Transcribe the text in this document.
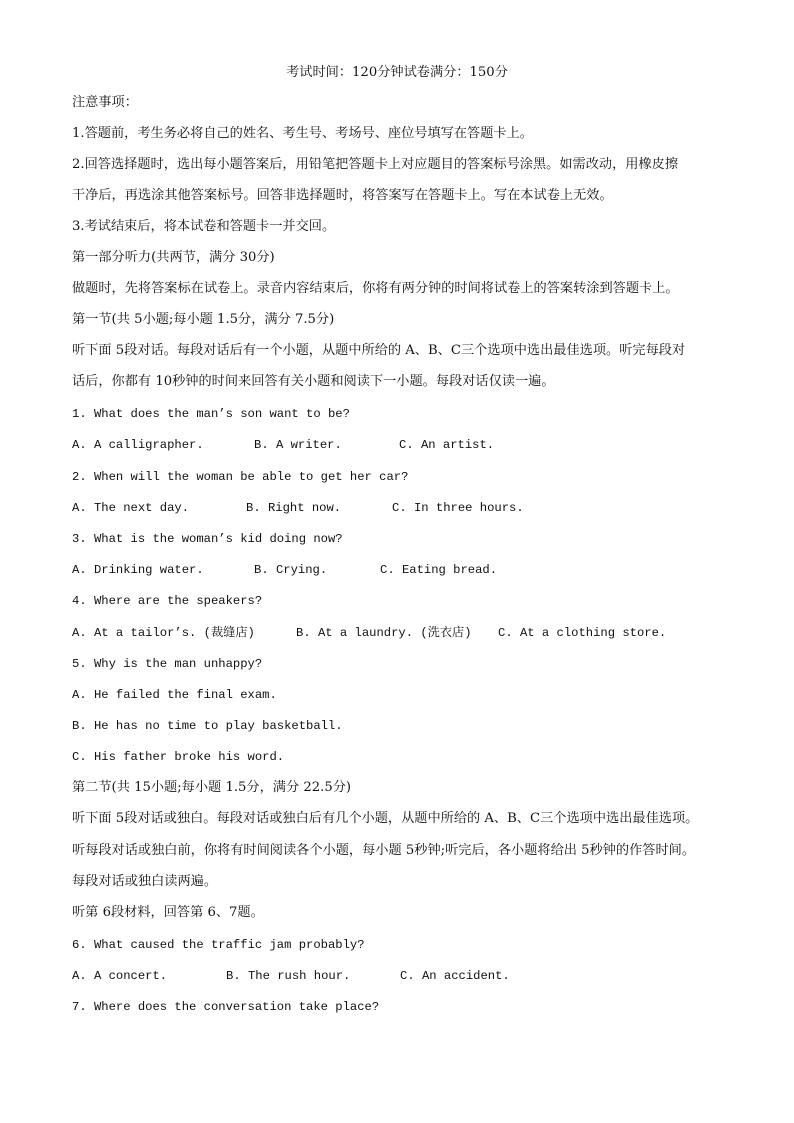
考试时间：120分钟试卷满分：150分
注意事项：
1.答题前，考生务必将自己的姓名、考生号、考场号、座位号填写在答题卡上。
2.回答选择题时，选出每小题答案后，用铅笔把答题卡上对应题目的答案标号涂黑。如需改动，用橡皮擦
干净后，再选涂其他答案标号。回答非选择题时，将答案写在答题卡上。写在本试卷上无效。
3.考试结束后，将本试卷和答题卡一并交回。
第一部分听力(共两节，满分 30分)
做题时，先将答案标在试卷上。录音内容结束后，你将有两分钟的时间将试卷上的答案转涂到答题卡上。
第一节(共 5小题;每小题 1.5分，满分 7.5分)
听下面 5段对话。每段对话后有一个小题，从题中所给的 A、B、C三个选项中选出最佳选项。听完每段对
话后，你都有 10秒钟的时间来回答有关小题和阅读下一小题。每段对话仅读一遍。
1. What does the man’s son want to be?
A. A calligrapher.	B. A writer.	C. An artist.
2. When will the woman be able to get her car?
A. The next day.	B. Right now.	C. In three hours.
3. What is the woman’s kid doing now?
A. Drinking water.	B. Crying.	C. Eating bread.
4. Where are the speakers?
A. At a tailor’s. (裁缝店)	B. At a laundry. (洗衣店) C. At a clothing store.
5. Why is the man unhappy?
A. He failed the final exam.
B. He has no time to play basketball.
C. His father broke his word.
第二节(共 15小题;每小题 1.5分，满分 22.5分)
听下面 5段对话或独白。每段对话或独白后有几个小题，从题中所给的 A、B、C三个选项中选出最佳选项。
听每段对话或独白前，你将有时间阅读各个小题，每小题 5秒钟;听完后，各小题将给出 5秒钟的作答时间。
每段对话或独白读两遍。
听第 6段材料，回答第 6、7题。
6. What caused the traffic jam probably?
A. A concert.	B. The rush hour.	C. An accident.
7. Where does the conversation take place?
